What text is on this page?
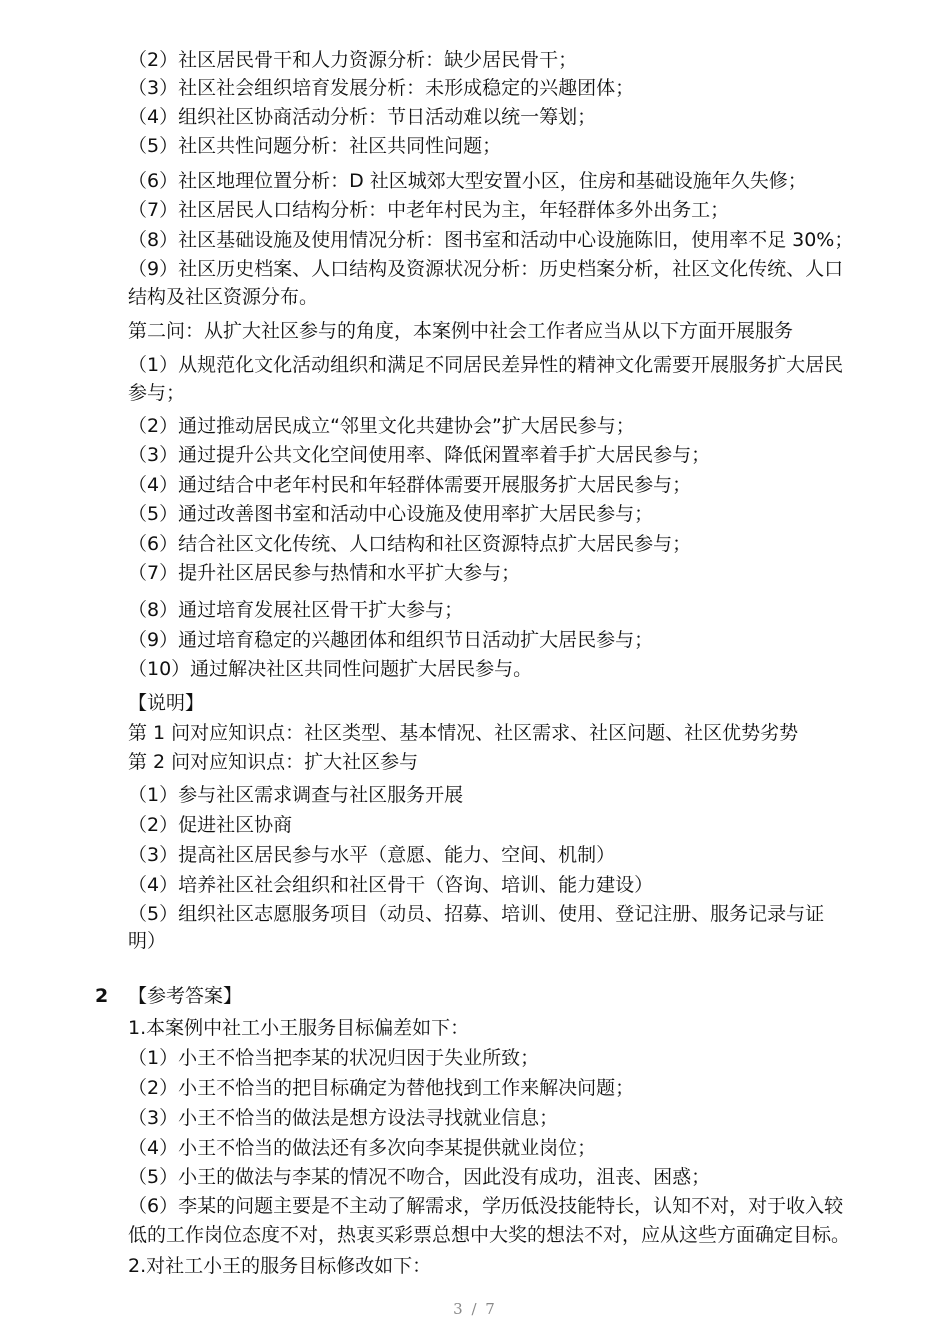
2
3 / 7
（2）社区居民骨干和人力资源分析：缺少居民骨干；
（3）社区社会组织培育发展分析：未形成稳定的兴趣团体；
（4）组织社区协商活动分析：节日活动难以统一筹划；
（5）社区共性问题分析：社区共同性问题；
（6）社区地理位置分析：D 社区城郊大型安置小区，住房和基础设施年久失修；
（7）社区居民人口结构分析：中老年村民为主，年轻群体多外出务工；
（8）社区基础设施及使用情况分析：图书室和活动中心设施陈旧，使用率不足 30%；
（9）社区历史档案、人口结构及资源状况分析：历史档案分析，社区文化传统、人口
结构及社区资源分布。
第二问：从扩大社区参与的角度，本案例中社会工作者应当从以下方面开展服务
（1）从规范化文化活动组织和满足不同居民差异性的精神文化需要开展服务扩大居民
参与；
（2）通过推动居民成立“邻里文化共建协会”扩大居民参与；
（3）通过提升公共文化空间使用率、降低闲置率着手扩大居民参与；
（4）通过结合中老年村民和年轻群体需要开展服务扩大居民参与；
（5）通过改善图书室和活动中心设施及使用率扩大居民参与；
（6）结合社区文化传统、人口结构和社区资源特点扩大居民参与；
（7）提升社区居民参与热情和水平扩大参与；
（8）通过培育发展社区骨干扩大参与；
（9）通过培育稳定的兴趣团体和组织节日活动扩大居民参与；
（10）通过解决社区共同性问题扩大居民参与。
【说明】
第 1 问对应知识点：社区类型、基本情况、社区需求、社区问题、社区优势劣势
第 2 问对应知识点：扩大社区参与
（1）参与社区需求调查与社区服务开展
（2）促进社区协商
（3）提高社区居民参与水平（意愿、能力、空间、机制）
（4）培养社区社会组织和社区骨干（咨询、培训、能力建设）
（5）组织社区志愿服务项目（动员、招募、培训、使用、登记注册、服务记录与证
明）
【参考答案】
1.本案例中社工小王服务目标偏差如下：
（1）小王不恰当把李某的状况归因于失业所致；
（2）小王不恰当的把目标确定为替他找到工作来解决问题；
（3）小王不恰当的做法是想方设法寻找就业信息；
（4）小王不恰当的做法还有多次向李某提供就业岗位；
（5）小王的做法与李某的情况不吻合，因此没有成功，沮丧、困惑；
（6）李某的问题主要是不主动了解需求，学历低没技能特长，认知不对，对于收入较
低的工作岗位态度不对，热衷买彩票总想中大奖的想法不对，应从这些方面确定目标。
2.对社工小王的服务目标修改如下：
